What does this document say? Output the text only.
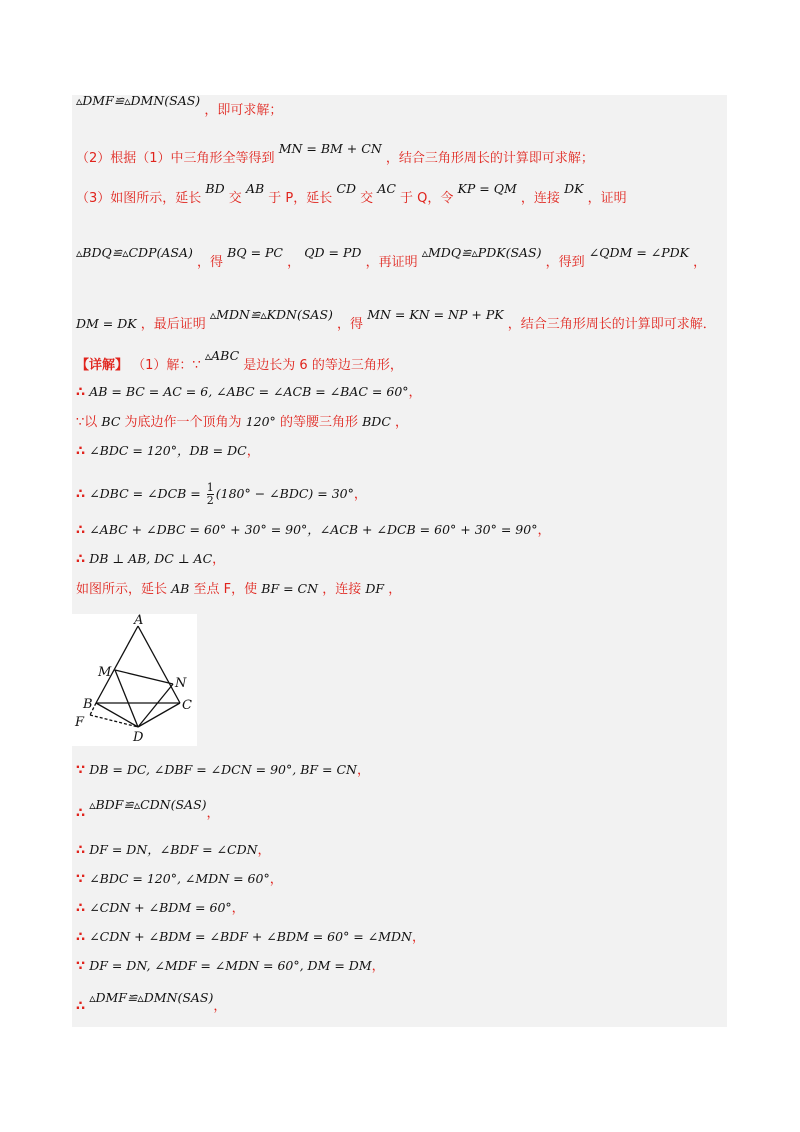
▵DMF≌▵DMN(SAS) ，即可求解；
（2）根据（1）中三角形全等得到 MN = BM + CN ，结合三角形周长的计算即可求解；
（3）如图所示，延长 BD 交 AB 于 P，延长 CD 交 AC 于 Q，令 KP = QM ，连接 DK ，证明
▵BDQ≌▵CDP(ASA) ，得 BQ = PC ， QD = PD ，再证明 ▵MDQ≌▵PDK(SAS) ，得到 ∠QDM = ∠PDK ，
DM = DK ，最后证明 ▵MDN≌▵KDN(SAS) ，得 MN = KN = NP + PK ，结合三角形周长的计算即可求解．
【详解】 （1）解：∵ ▵ABC 是边长为 6 的等边三角形，
∴ AB = BC = AC = 6, ∠ABC = ∠ACB = ∠BAC = 60°，
∵以 BC 为底边作一个顶角为 120° 的等腰三角形 BDC ，
∴ ∠BDC = 120°，DB = DC，
∴ ∠DBC = ∠DCB = $\frac{1}{2} (180^\circ$ − ∠BDC) = 30°，
∴ ∠ABC + ∠DBC = 60° + 30° = 90°，∠ACB + ∠DCB = 60° + 30° = 90°，
∴ DB ⊥ AB, DC ⊥ AC，
如图所示，延长 AB 至点 F，使 BF = CN ，连接 DF ，
A
M
N
B	C
F
D
∵ DB = DC, ∠DBF = ∠DCN = 90°, BF = CN，
∴ ▵BDF≌▵CDN(SAS)，
∴ DF = DN，∠BDF = ∠CDN，
∵ ∠BDC = 120°, ∠MDN = 60°，
∴ ∠CDN + ∠BDM = 60°，
∴ ∠CDN + ∠BDM = ∠BDF + ∠BDM = 60° = ∠MDN，
∵ DF = DN, ∠MDF = ∠MDN = 60°, DM = DM，
∴ ▵DMF≌▵DMN(SAS)，
